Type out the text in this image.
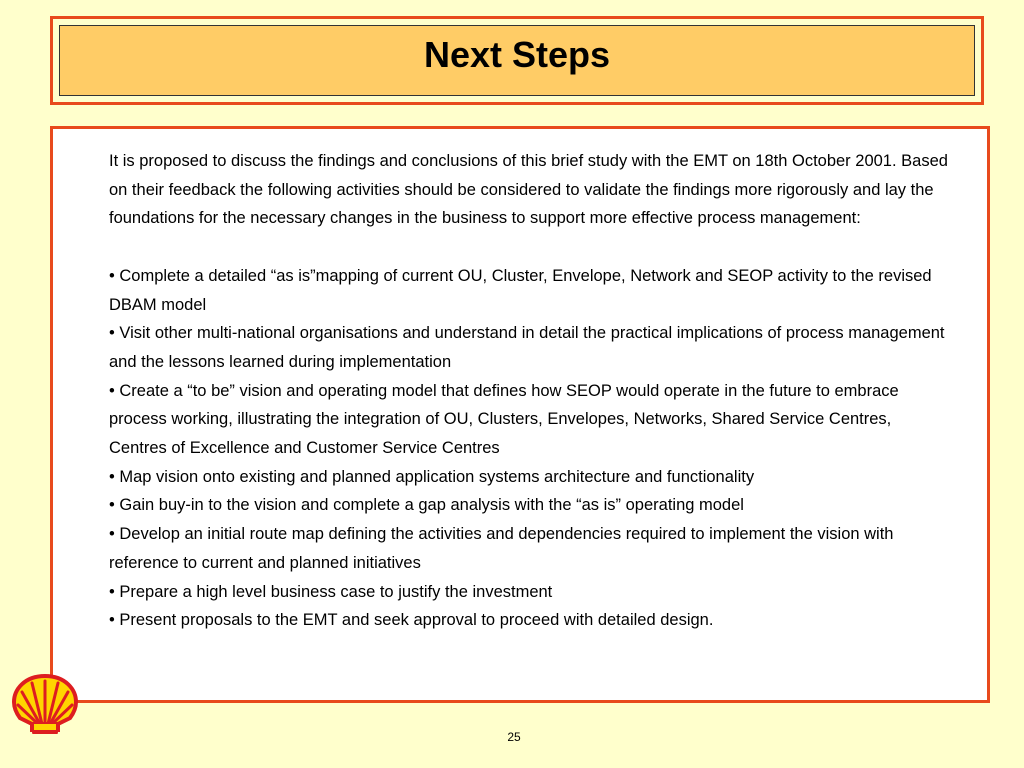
Next Steps

It is proposed to discuss the findings and conclusions of this brief study with the EMT on 18th October 2001. Based on their feedback the following activities should be considered to validate the findings more rigorously and lay the foundations for the necessary changes in the business to support more effective process management:

• Complete a detailed “as is”mapping of current OU, Cluster, Envelope, Network and SEOP activity to the revised DBAM model

• Visit other multi-national organisations and understand in detail the practical implications of process management and the lessons learned during implementation

• Create a “to be” vision and operating model that defines how SEOP would operate in the future to embrace process working, illustrating the integration of OU, Clusters, Envelopes, Networks, Shared Service Centres, Centres of Excellence and Customer Service Centres

• Map vision onto existing and planned application systems architecture and functionality

• Gain buy-in to the vision and complete a gap analysis with the “as is” operating model

• Develop an initial route map defining the activities and dependencies required to implement the vision with reference to current and planned initiatives

• Prepare a high level business case to justify the investment

• Present proposals to the EMT and seek approval to proceed with detailed design.

25
